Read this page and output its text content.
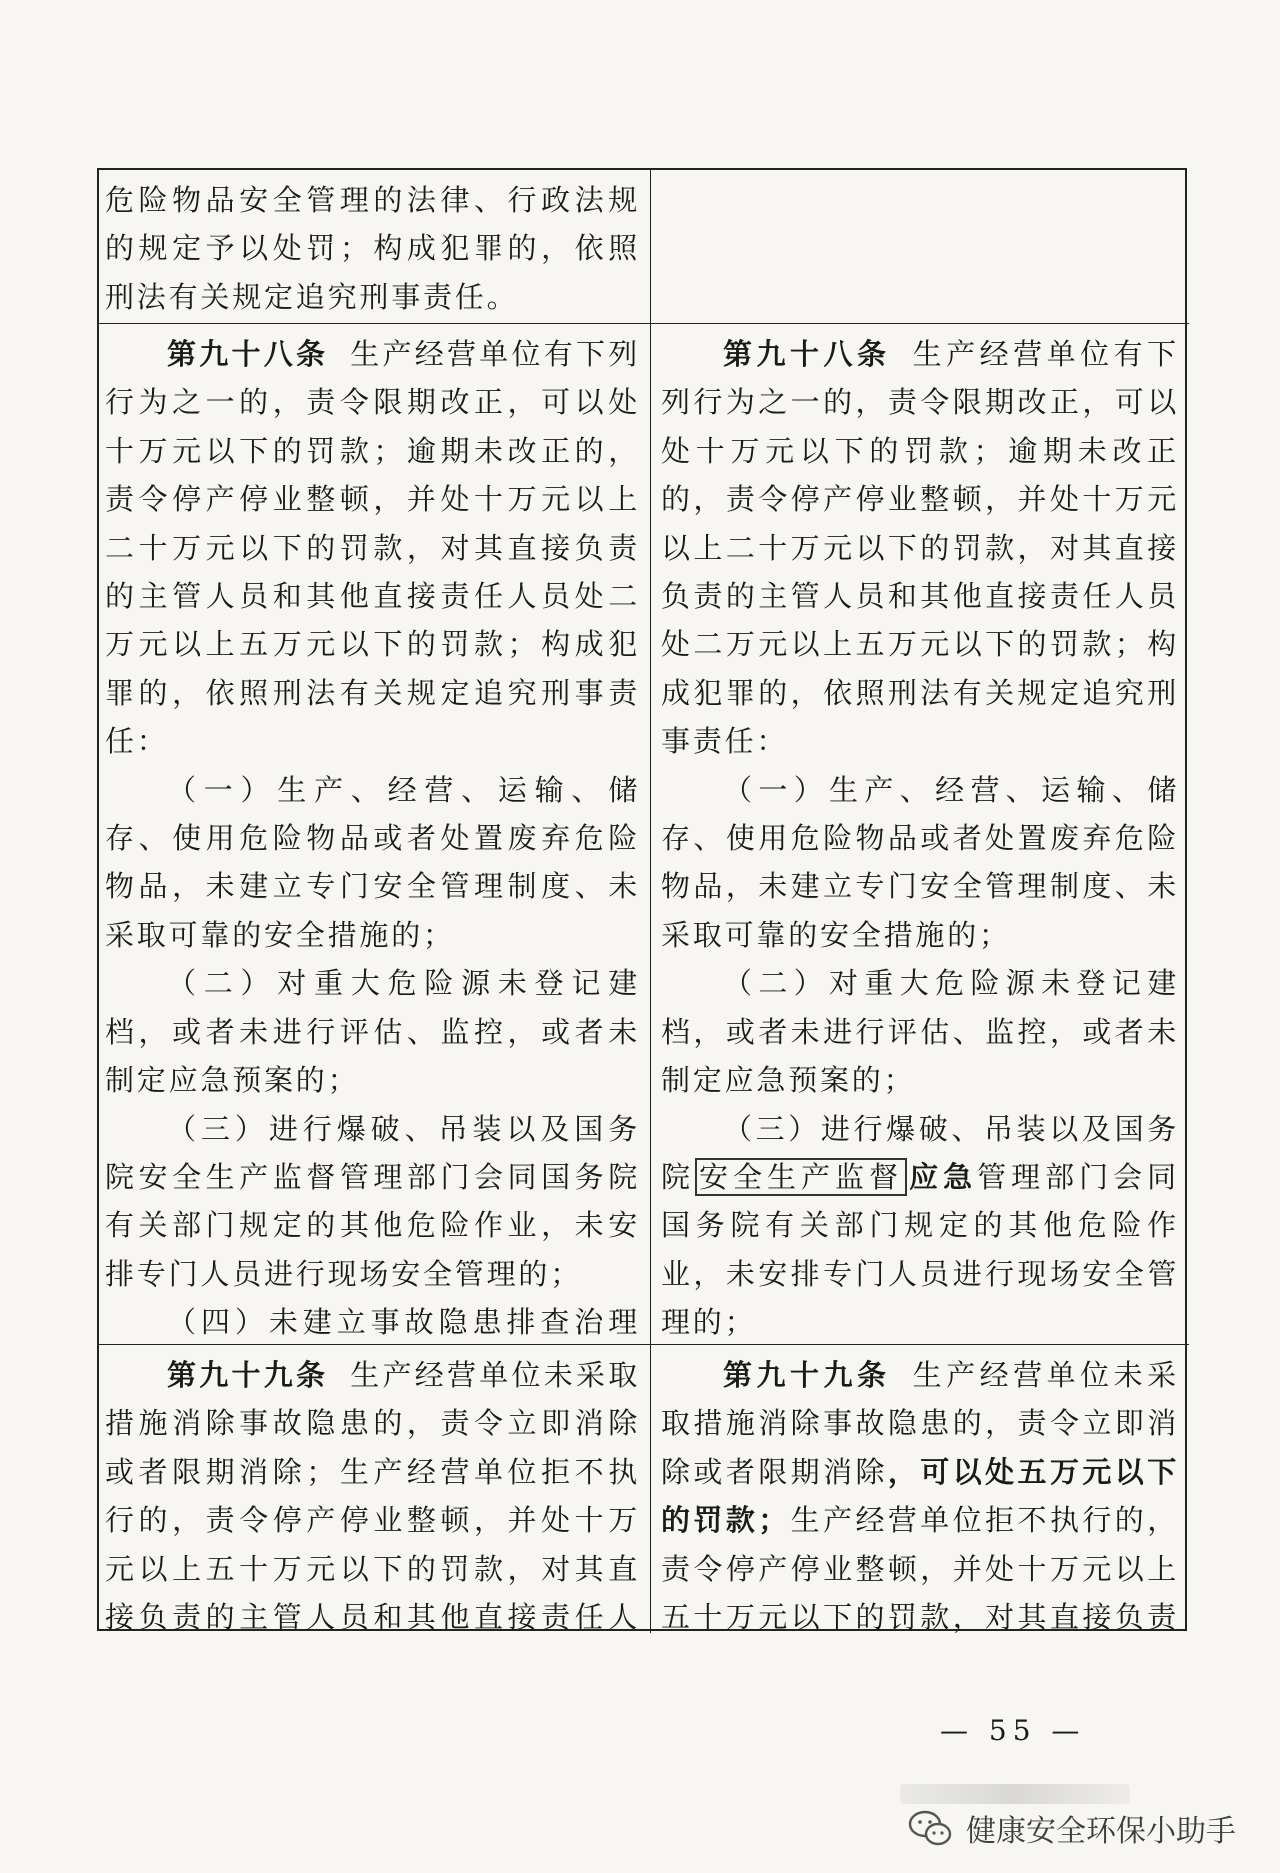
危险物品安全管理的法律、行政法规的规定予以处罚；构成犯罪的，依照刑法有关规定追究刑事责任。

第九十八条 生产经营单位有下列行为之一的，责令限期改正，可以处十万元以下的罚款；逾期未改正的，责令停产停业整顿，并处十万元以上二十万元以下的罚款，对其直接负责的主管人员和其他直接责任人员处二万元以上五万元以下的罚款；构成犯罪的，依照刑法有关规定追究刑事责任：

（一）生产、经营、运输、储存、使用危险物品或者处置废弃危险物品，未建立专门安全管理制度、未采取可靠的安全措施的；

（二）对重大危险源未登记建档，或者未进行评估、监控，或者未制定应急预案的；

（三）进行爆破、吊装以及国务院安全生产监督管理部门会同国务院有关部门规定的其他危险作业，未安排专门人员进行现场安全管理的；

（四）未建立事故隐患排查治理

第九十八条 生产经营单位有下列行为之一的，责令限期改正，可以处十万元以下的罚款；逾期未改正的，责令停产停业整顿，并处十万元以上二十万元以下的罚款，对其直接负责的主管人员和其他直接责任人员处二万元以上五万元以下的罚款；构成犯罪的，依照刑法有关规定追究刑事责任：

（一）生产、经营、运输、储存、使用危险物品或者处置废弃危险物品，未建立专门安全管理制度、未采取可靠的安全措施的；

（二）对重大危险源未登记建档，或者未进行评估、监控，或者未制定应急预案的；

（三）进行爆破、吊装以及国务院 安全生产监督 应急管理部门会同国务院有关部门规定的其他危险作业，未安排专门人员进行现场安全管理的；

第九十九条 生产经营单位未采取措施消除事故隐患的，责令立即消除或者限期消除；生产经营单位拒不执行的，责令停产停业整顿，并处十万元以上五十万元以下的罚款，对其直接负责的主管人员和其他直接责任人

第九十九条 生产经营单位未采取措施消除事故隐患的，责令立即消除或者限期消除，可以处五万元以下的罚款；生产经营单位拒不执行的，责令停产停业整顿，并处十万元以上五十万元以下的罚款，对其直接负责

— 55 —
健康安全环保小助手
